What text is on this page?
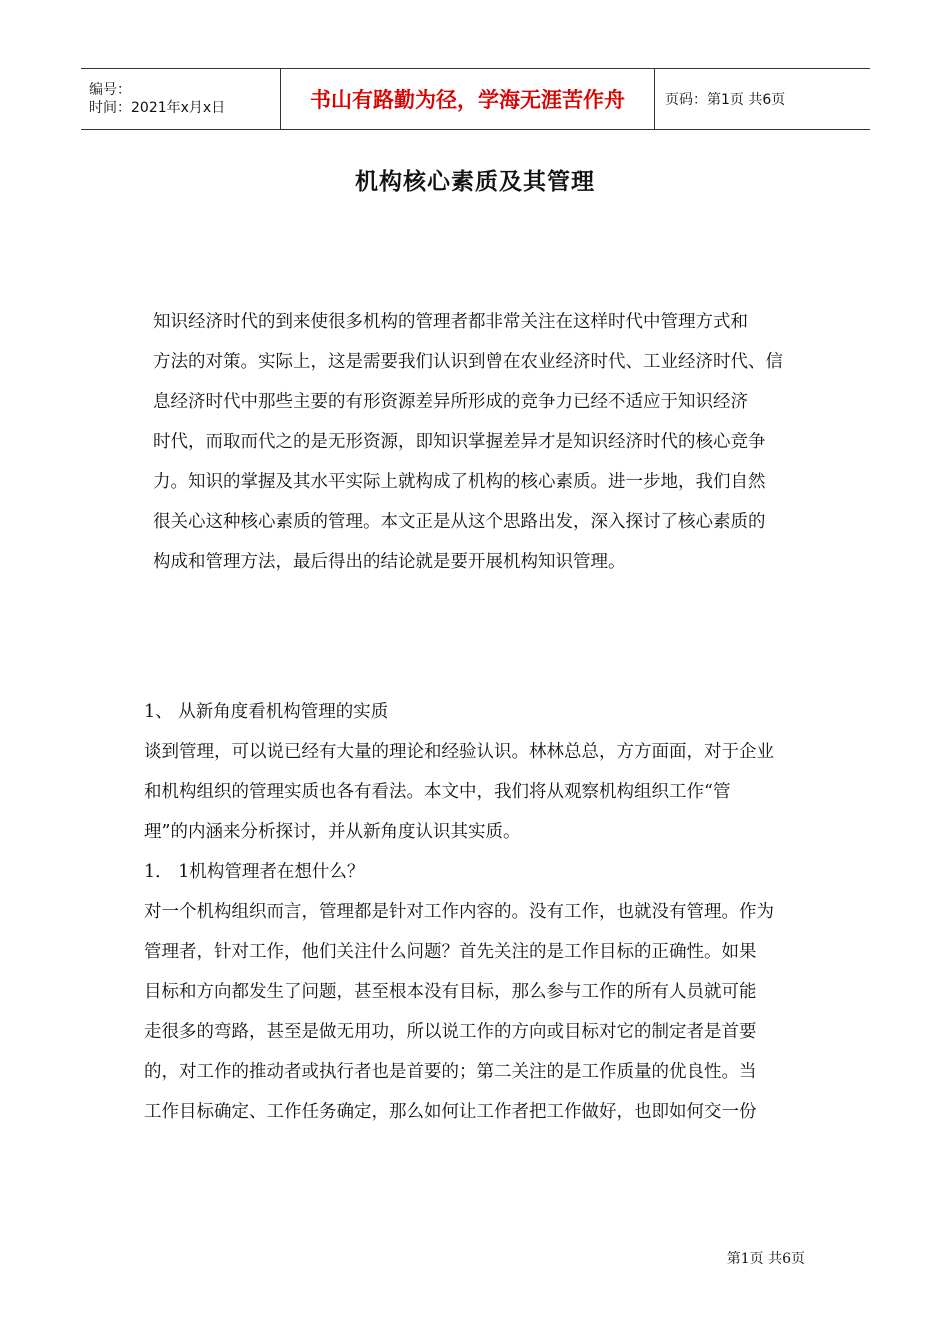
编号：
时间：2021年x月x日	书山有路勤为径，学海无涯苦作舟	页码：第1页 共6页
机构核心素质及其管理
知识经济时代的到来使很多机构的管理者都非常关注在这样时代中管理方式和
方法的对策。实际上，这是需要我们认识到曾在农业经济时代、工业经济时代、信
息经济时代中那些主要的有形资源差异所形成的竞争力已经不适应于知识经济
时代，而取而代之的是无形资源，即知识掌握差异才是知识经济时代的核心竞争
力。知识的掌握及其水平实际上就构成了机构的核心素质。进一步地，我们自然
很关心这种核心素质的管理。本文正是从这个思路出发，深入探讨了核心素质的
构成和管理方法，最后得出的结论就是要开展机构知识管理。
1、 从新角度看机构管理的实质
谈到管理，可以说已经有大量的理论和经验认识。林林总总，方方面面，对于企业
和机构组织的管理实质也各有看法。本文中，我们将从观察机构组织工作“管
理”的内涵来分析探讨，并从新角度认识其实质。
1． 1机构管理者在想什么？
对一个机构组织而言，管理都是针对工作内容的。没有工作，也就没有管理。作为
管理者，针对工作，他们关注什么问题？首先关注的是工作目标的正确性。如果
目标和方向都发生了问题，甚至根本没有目标，那么参与工作的所有人员就可能
走很多的弯路，甚至是做无用功，所以说工作的方向或目标对它的制定者是首要
的，对工作的推动者或执行者也是首要的；第二关注的是工作质量的优良性。当
工作目标确定、工作任务确定，那么如何让工作者把工作做好，也即如何交一份
第1页 共6页
